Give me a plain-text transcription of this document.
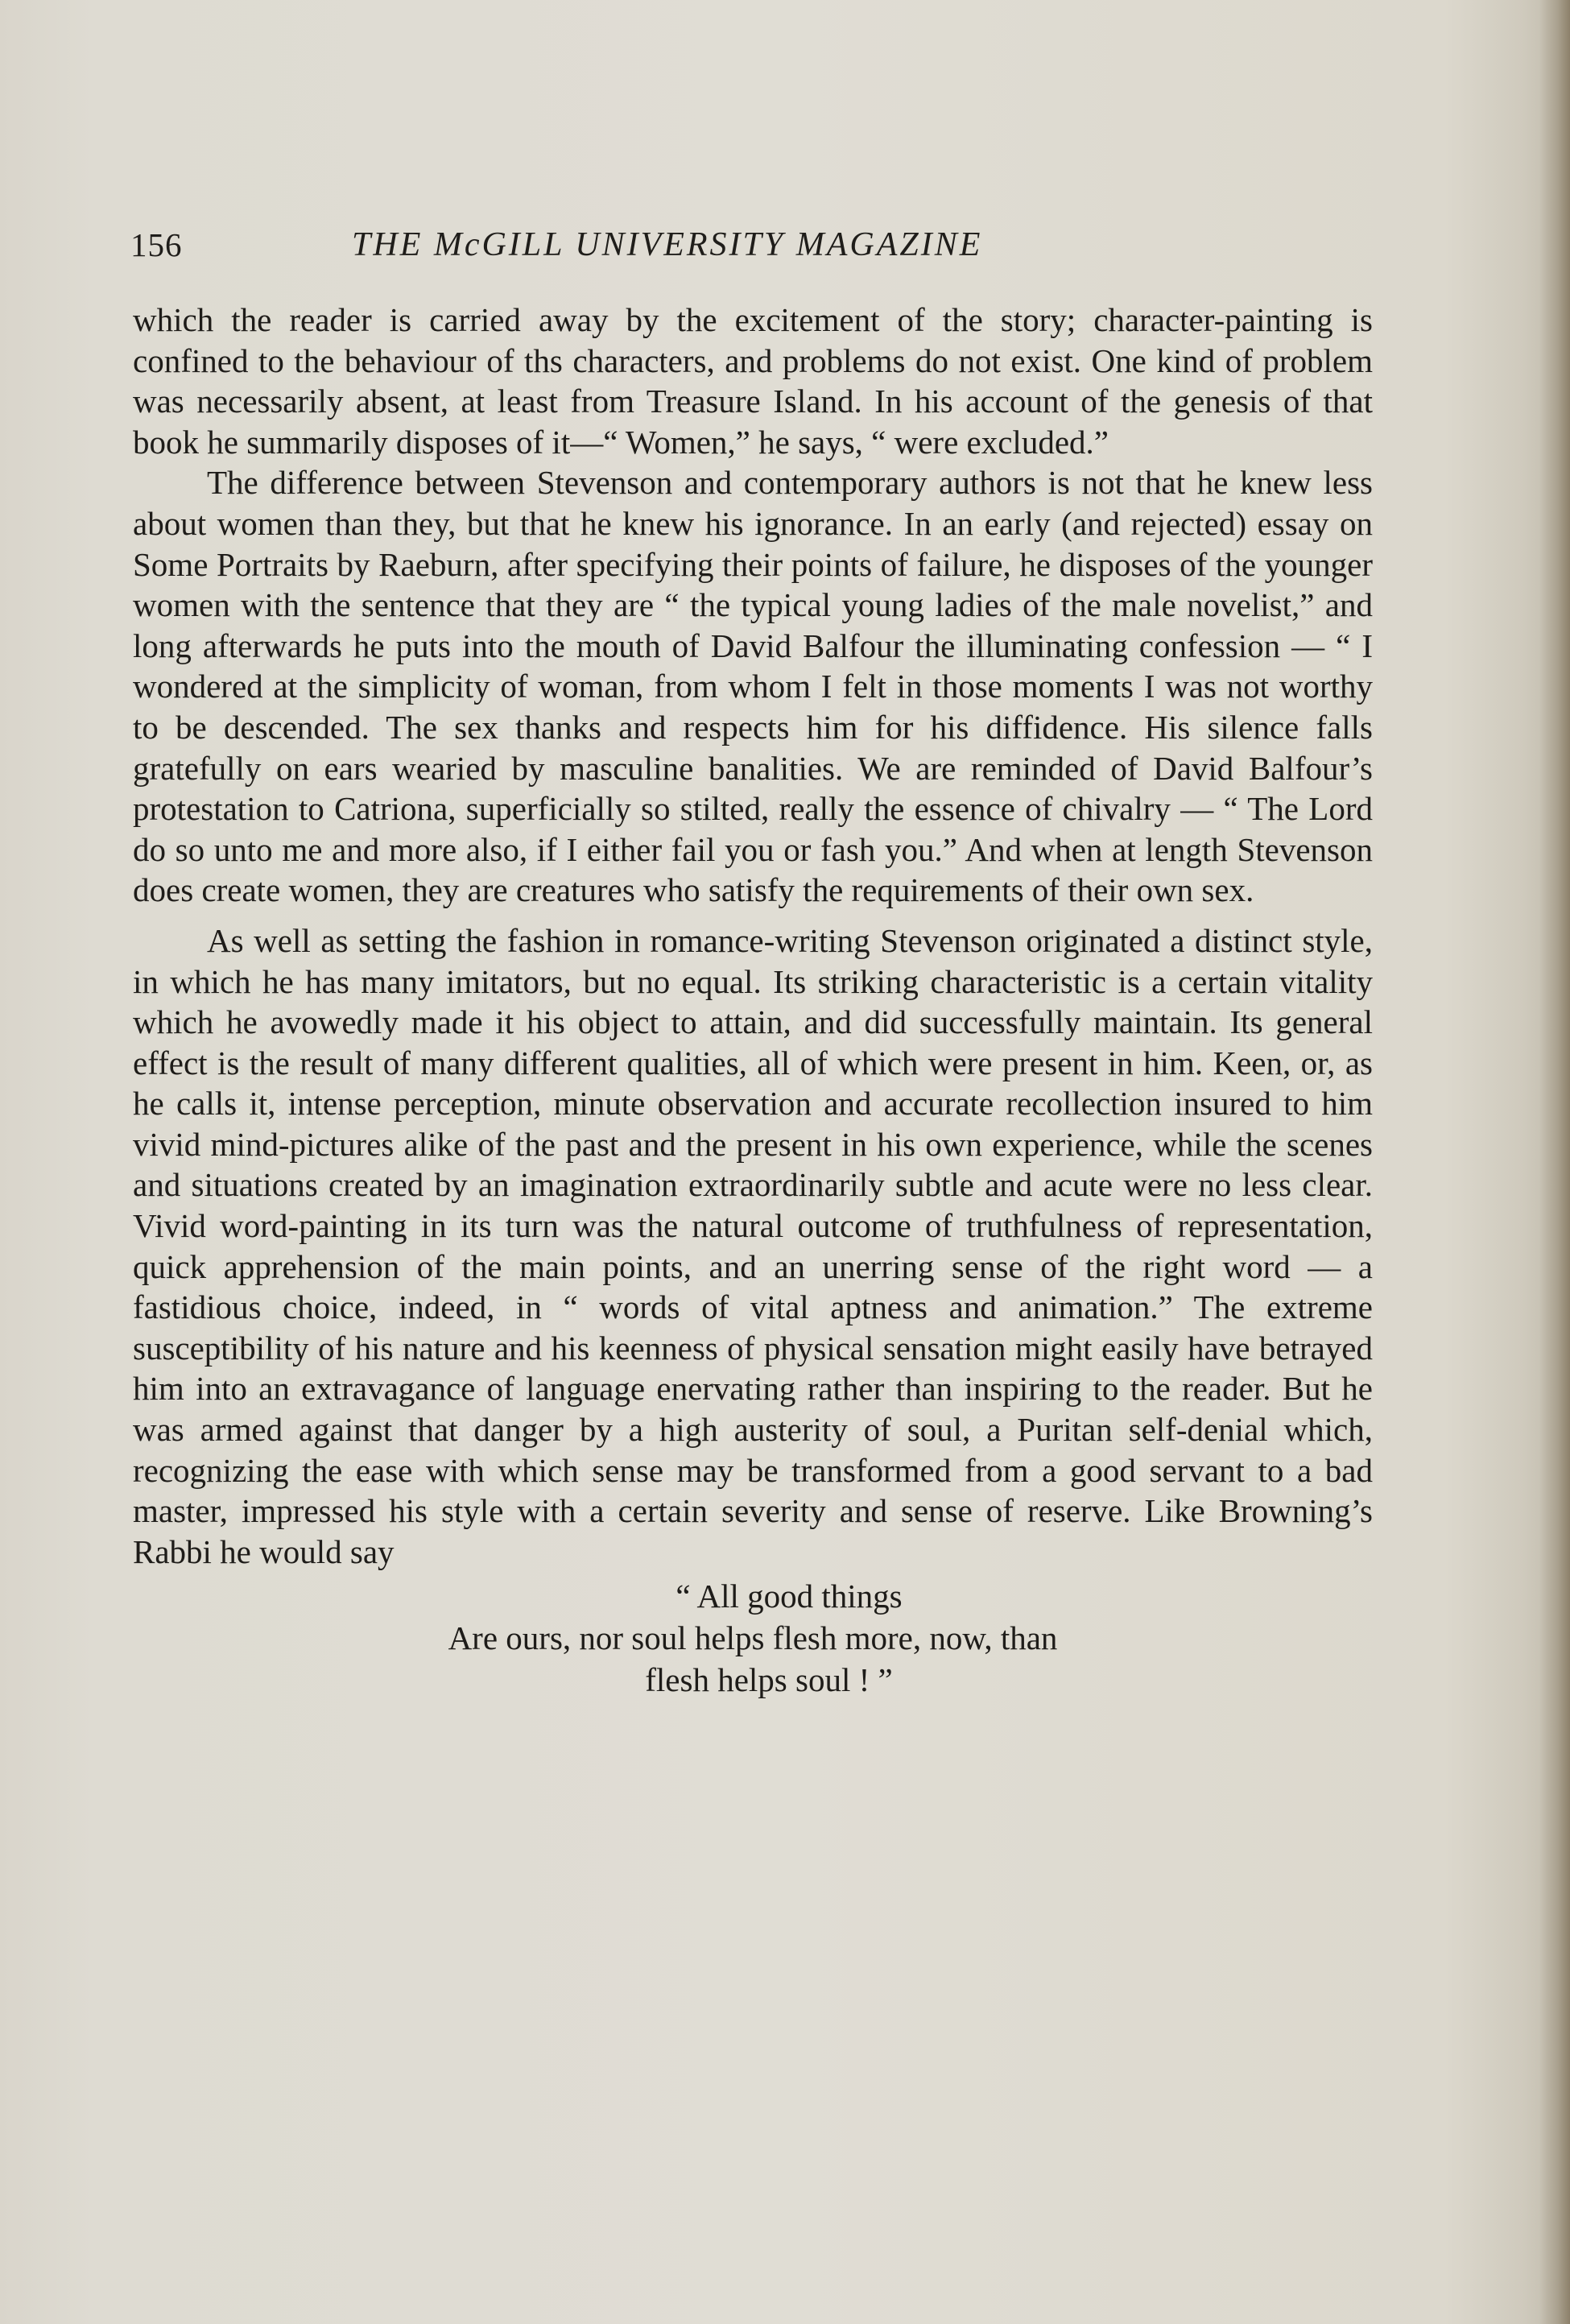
156	THE McGILL UNIVERSITY MAGAZINE

which the reader is carried away by the excitement of the story; character-painting is confined to the behaviour of ths characters, and problems do not exist. One kind of problem was necessarily absent, at least from Treasure Island. In his account of the genesis of that book he summarily disposes of it—“ Women,” he says, “ were excluded.”

The difference between Stevenson and contemporary authors is not that he knew less about women than they, but that he knew his ignorance. In an early (and rejected) essay on Some Portraits by Raeburn, after specifying their points of failure, he disposes of the younger women with the sentence that they are “ the typical young ladies of the male novelist,” and long afterwards he puts into the mouth of David Balfour the illuminating confession — “ I wondered at the simplicity of woman, from whom I felt in those moments I was not worthy to be descended. The sex thanks and respects him for his diffidence. His silence falls gratefully on ears wearied by masculine banalities. We are reminded of David Balfour’s protestation to Catriona, superficially so stilted, really the essence of chivalry — “ The Lord do so unto me and more also, if I either fail you or fash you.” And when at length Stevenson does create women, they are creatures who satisfy the requirements of their own sex.

As well as setting the fashion in romance-writing Stevenson originated a distinct style, in which he has many imitators, but no equal. Its striking characteristic is a certain vitality which he avowedly made it his object to attain, and did successfully maintain. Its general effect is the result of many different qualities, all of which were present in him. Keen, or, as he calls it, intense perception, minute observation and accurate recollection insured to him vivid mind-pictures alike of the past and the present in his own experience, while the scenes and situations created by an imagination extraordinarily subtle and acute were no less clear. Vivid word-painting in its turn was the natural outcome of truthfulness of representation, quick apprehension of the main points, and an unerring sense of the right word — a fastidious choice, indeed, in “ words of vital aptness and animation.” The extreme susceptibility of his nature and his keenness of physical sensation might easily have betrayed him into an extravagance of language enervating rather than inspiring to the reader. But he was armed against that danger by a high austerity of soul, a Puritan self-denial which, recognizing the ease with which sense may be transformed from a good servant to a bad master, impressed his style with a certain severity and sense of reserve. Like Browning’s Rabbi he would say

“ All good things
Are ours, nor soul helps flesh more, now, than
flesh helps soul ! ”
